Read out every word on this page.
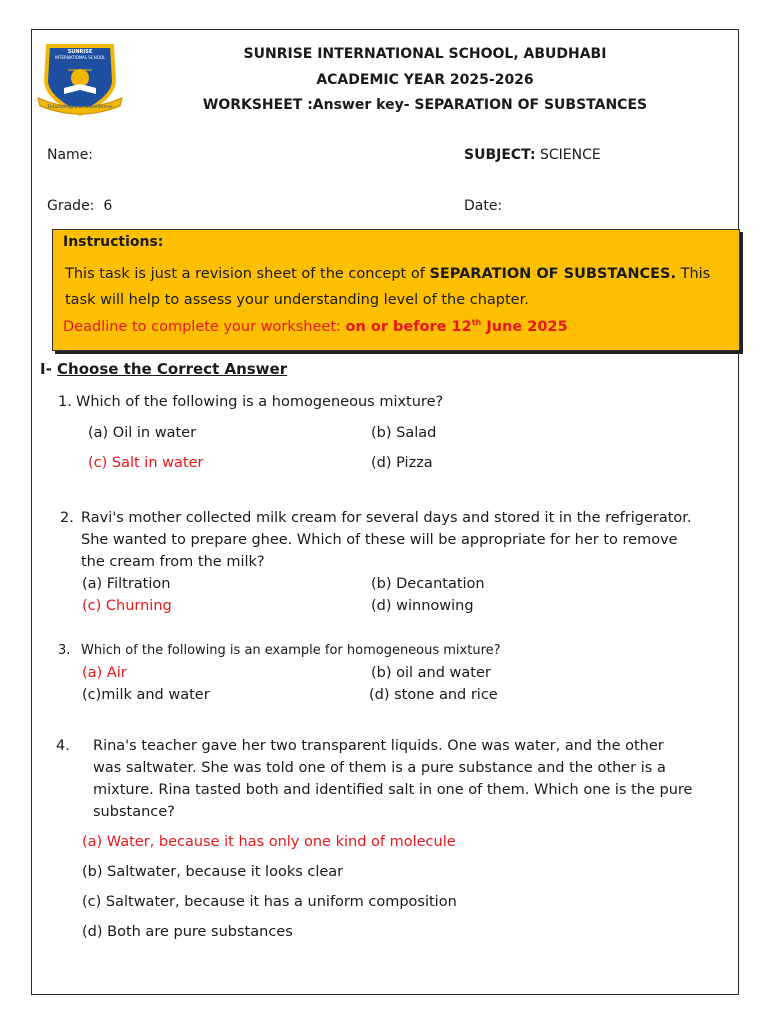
SUNRISE
INTERNATIONAL SCHOOL
Educating For Excellence
SUNRISE INTERNATIONAL SCHOOL, ABUDHABI
ACADEMIC YEAR 2025-2026
WORKSHEET :Answer key- SEPARATION OF SUBSTANCES
Name:	SUBJECT: SCIENCE
Grade: 6	Date:
Instructions:
This task is just a revision sheet of the concept of SEPARATION OF SUBSTANCES. This
task will help to assess your understanding level of the chapter.
Deadline to complete your worksheet: on or before 12th June 2025
I- Choose the Correct Answer
1. Which of the following is a homogeneous mixture?
(a) Oil in water	(b) Salad
(c) Salt in water	(d) Pizza
2. Ravi's mother collected milk cream for several days and stored it in the refrigerator.
She wanted to prepare ghee. Which of these will be appropriate for her to remove
the cream from the milk?
(a) Filtration	(b) Decantation
(c) Churning	(d) winnowing
3. Which of the following is an example for homogeneous mixture?
(a) Air	(b) oil and water
(c)milk and water	(d) stone and rice
4. Rina's teacher gave her two transparent liquids. One was water, and the other
was saltwater. She was told one of them is a pure substance and the other is a
mixture. Rina tasted both and identified salt in one of them. Which one is the pure
substance?
(a) Water, because it has only one kind of molecule
(b) Saltwater, because it looks clear
(c) Saltwater, because it has a uniform composition
(d) Both are pure substances
